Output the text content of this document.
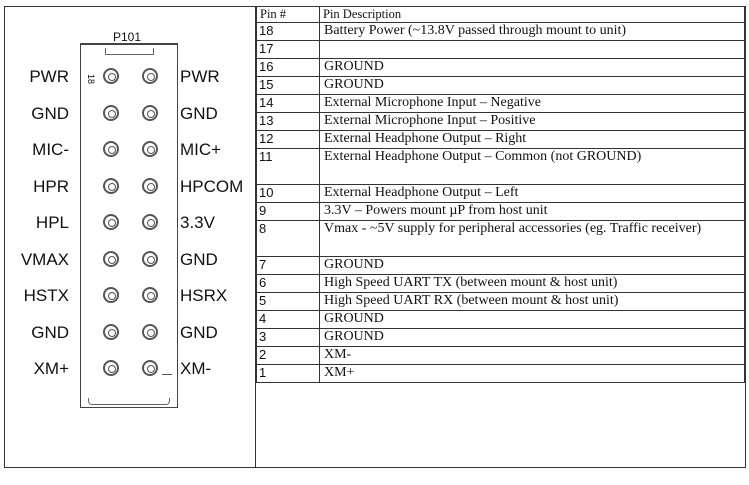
P101
18
PWR	PWR
GND	GND
MIC-	MIC+
HPR	HPCOM
HPL	3.3V
VMAX	GND
HSTX	HSRX
GND	GND
XM+	XM-
Pin #	Pin Description
18	Battery Power (~13.8V passed through mount to unit)
17	
16	GROUND
15	GROUND
14	External Microphone Input – Negative
13	External Microphone Input – Positive
12	External Headphone Output – Right
11	External Headphone Output – Common (not GROUND)
10	External Headphone Output – Left
9	3.3V – Powers mount µP from host unit
8	Vmax - ~5V supply for peripheral accessories (eg. Traffic receiver)
7	GROUND
6	High Speed UART TX (between mount & host unit)
5	High Speed UART RX (between mount & host unit)
4	GROUND
3	GROUND
2	XM-
1	XM+
